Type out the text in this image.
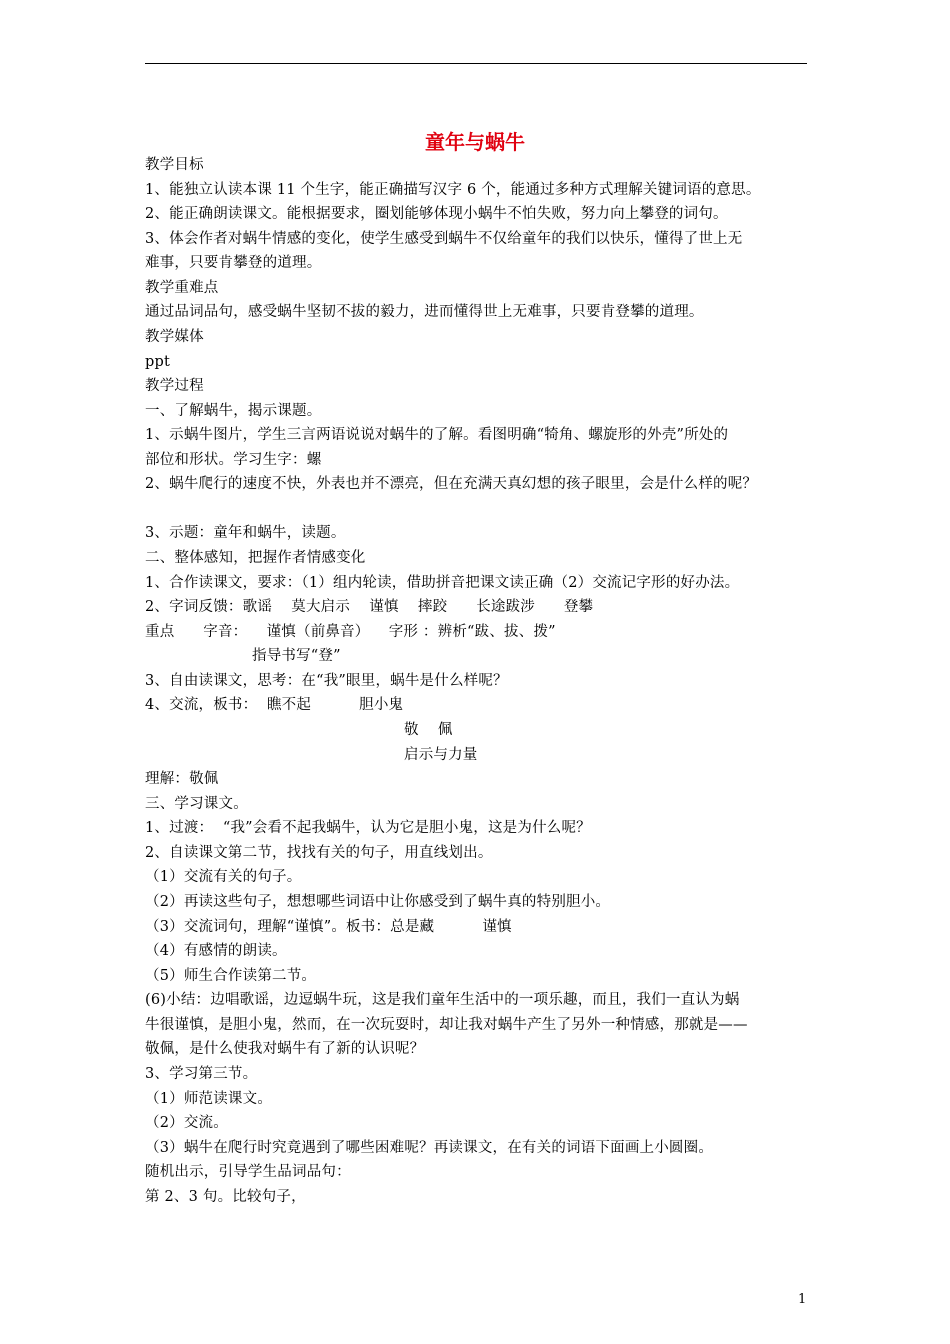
童年与蜗牛
教学目标
1、能独立认读本课 11 个生字，能正确描写汉字 6 个，能通过多种方式理解关键词语的意思。
2、能正确朗读课文。能根据要求，圈划能够体现小蜗牛不怕失败，努力向上攀登的词句。
3、体会作者对蜗牛情感的变化，使学生感受到蜗牛不仅给童年的我们以快乐，懂得了世上无
难事，只要肯攀登的道理。
教学重难点
通过品词品句，感受蜗牛坚韧不拔的毅力，进而懂得世上无难事，只要肯登攀的道理。
教学媒体
ppt
教学过程
一、了解蜗牛，揭示课题。
1、示蜗牛图片，学生三言两语说说对蜗牛的了解。看图明确“犄角、螺旋形的外壳”所处的
部位和形状。学习生字：螺
2、蜗牛爬行的速度不快，外表也并不漂亮，但在充满天真幻想的孩子眼里，会是什么样的呢？
3、示题：童年和蜗牛，读题。
二、整体感知，把握作者情感变化
1、合作读课文，要求：（1）组内轮读，借助拼音把课文读正确（2）交流记字形的好办法。
2、字词反馈：歌谣    莫大启示    谨慎    摔跤      长途跋涉      登攀
重点      字音：    谨慎（前鼻音）    字形 ：辨析“跋、拔、拨”
指导书写“登”
3、自由读课文，思考：在“我”眼里，蜗牛是什么样呢？
4、交流，板书：  瞧不起          胆小鬼
敬    佩
启示与力量
理解：敬佩
三、学习课文。
1、过渡：  “我”会看不起我蜗牛，认为它是胆小鬼，这是为什么呢？
2、自读课文第二节，找找有关的句子，用直线划出。
（1）交流有关的句子。
（2）再读这些句子，想想哪些词语中让你感受到了蜗牛真的特别胆小。
（3）交流词句，理解“谨慎”。板书：总是藏          谨慎
（4）有感情的朗读。
（5）师生合作读第二节。
(6)小结：边唱歌谣，边逗蜗牛玩，这是我们童年生活中的一项乐趣，而且，我们一直认为蜗
牛很谨慎，是胆小鬼，然而，在一次玩耍时，却让我对蜗牛产生了另外一种情感，那就是——
敬佩，是什么使我对蜗牛有了新的认识呢？
3、学习第三节。
（1）师范读课文。
（2）交流。
（3）蜗牛在爬行时究竟遇到了哪些困难呢？再读课文，在有关的词语下面画上小圆圈。
随机出示，引导学生品词品句：
第 2、3 句。比较句子，
1
